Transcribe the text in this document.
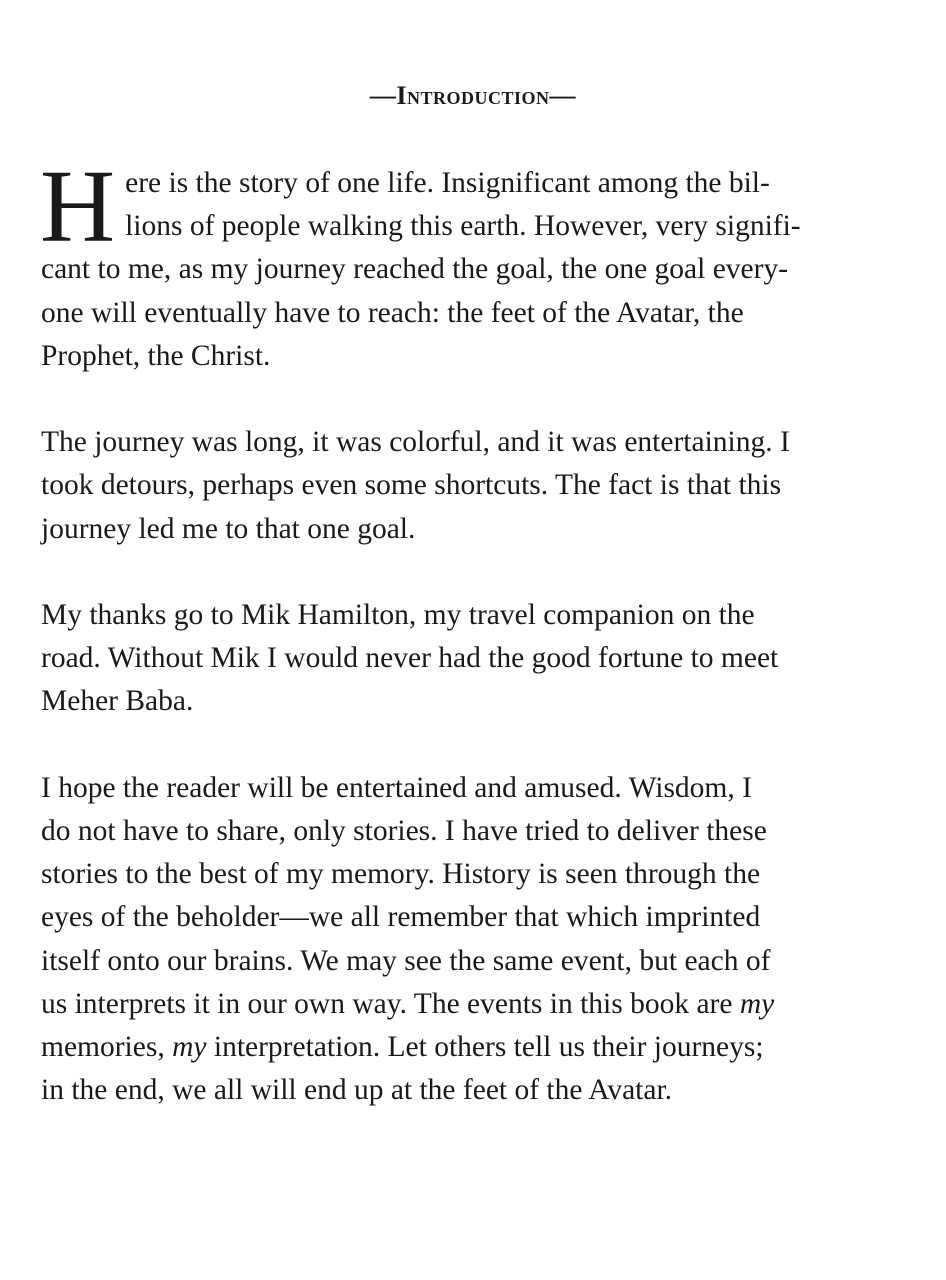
—Introduction—
H ere is the story of one life. Insignificant among the bil-
lions of people walking this earth. However, very signifi-
cant to me, as my journey reached the goal, the one goal every-
one will eventually have to reach: the feet of the Avatar, the
Prophet, the Christ.
The journey was long, it was colorful, and it was entertaining. I
took detours, perhaps even some shortcuts. The fact is that this
journey led me to that one goal.
My thanks go to Mik Hamilton, my travel companion on the
road. Without Mik I would never had the good fortune to meet
Meher Baba.
I hope the reader will be entertained and amused. Wisdom, I
do not have to share, only stories. I have tried to deliver these
stories to the best of my memory. History is seen through the
eyes of the beholder—we all remember that which imprinted
itself onto our brains. We may see the same event, but each of
us interprets it in our own way. The events in this book are my
memories, my interpretation. Let others tell us their journeys;
in the end, we all will end up at the feet of the Avatar.
